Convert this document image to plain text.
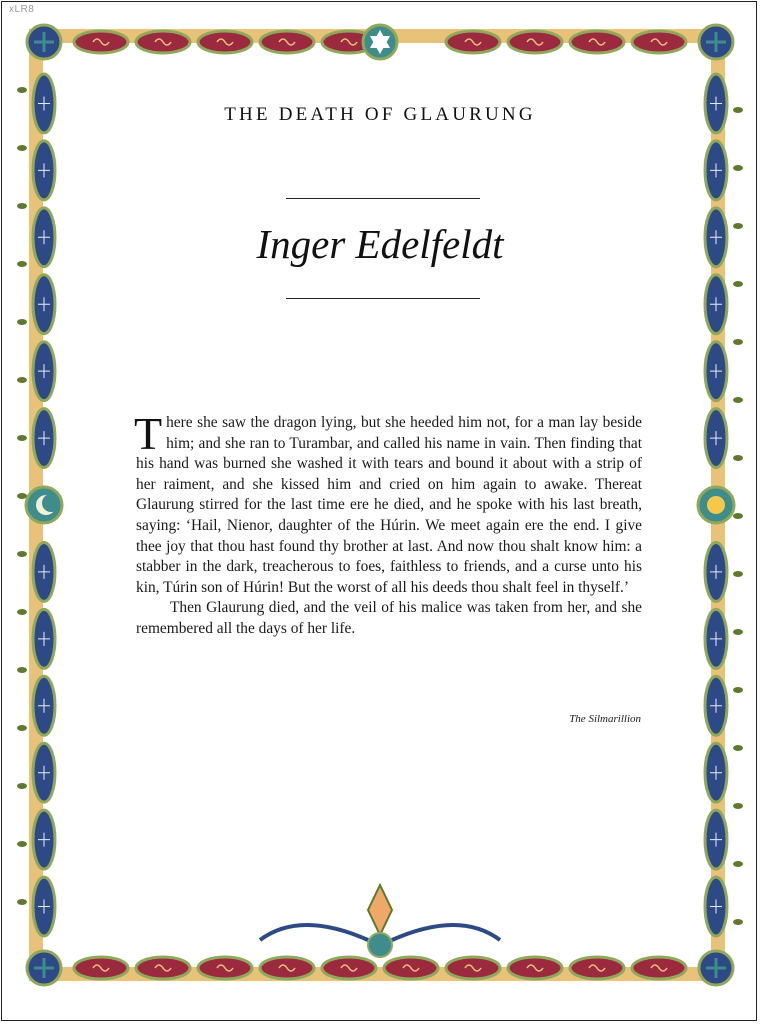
xLR8
THE DEATH OF GLAURUNG
Inger Edelfeldt

There she saw the dragon lying, but she heeded him not, for a man lay beside him; and she ran to Turambar, and called his name in vain. Then finding that his hand was burned she washed it with tears and bound it about with a strip of her raiment, and she kissed him and cried on him again to awake. Thereat Glaurung stirred for the last time ere he died, and he spoke with his last breath, saying: ‘Hail, Nienor, daughter of the Húrin. We meet again ere the end. I give thee joy that thou hast found thy brother at last. And now thou shalt know him: a stabber in the dark, treacherous to foes, faithless to friends, and a curse unto his kin, Túrin son of Húrin! But the worst of all his deeds thou shalt feel in thyself.’

Then Glaurung died, and the veil of his malice was taken from her, and she remembered all the days of her life.

The Silmarillion
